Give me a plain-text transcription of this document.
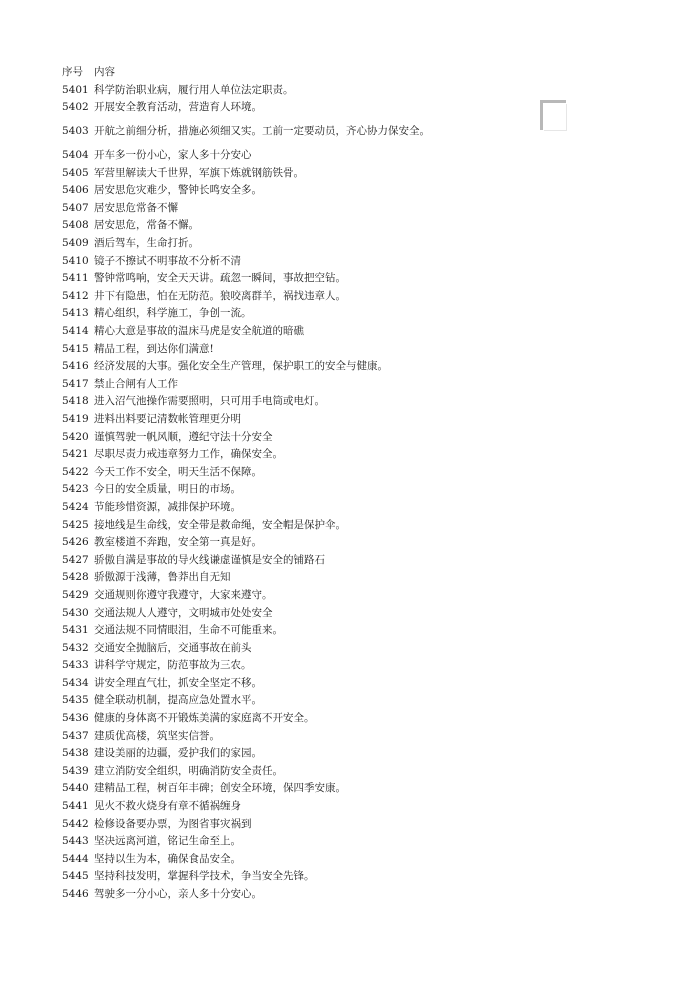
序号	内容
5401 科学防治职业病，履行用人单位法定职责。
5402 开展安全教育活动，营造育人环境。
5403 开航之前细分析，措施必须细又实。工前一定要动员，齐心协力保安全。
5404 开车多一份小心，家人多十分安心
5405 军营里解读大千世界，军旗下炼就钢筋铁骨。
5406 居安思危灾难少，警钟长鸣安全多。
5407 居安思危常备不懈
5408 居安思危，常备不懈。
5409 酒后驾车，生命打折。
5410 镜子不擦试不明事故不分析不清
5411 警钟常鸣响，安全天天讲。疏忽一瞬间，事故把空钻。
5412 井下有隐患，怕在无防范。狼咬离群羊，祸找违章人。
5413 精心组织，科学施工，争创一流。
5414 精心大意是事故的温床马虎是安全航道的暗礁
5415 精品工程，到达你们满意!
5416 经济发展的大事。强化安全生产管理，保护职工的安全与健康。
5417 禁止合闸有人工作
5418 进入沼气池操作需要照明，只可用手电筒或电灯。
5419 进料出料要记清数帐管理更分明
5420 谨慎驾驶一帆风顺，遵纪守法十分安全
5421 尽职尽责力戒违章努力工作，确保安全。
5422 今天工作不安全，明天生活不保障。
5423 今日的安全质量，明日的市场。
5424 节能珍惜资源，减排保护环境。
5425 接地线是生命线，安全带是救命绳，安全帽是保护伞。
5426 教室楼道不奔跑，安全第一真是好。
5427 骄傲自满是事故的导火线谦虚谨慎是安全的铺路石
5428 骄傲源于浅薄，鲁莽出自无知
5429 交通规则你遵守我遵守，大家来遵守。
5430 交通法规人人遵守，文明城市处处安全
5431 交通法规不同情眼泪，生命不可能重来。
5432 交通安全抛脑后，交通事故在前头
5433 讲科学守规定，防范事故为三农。
5434 讲安全理直气壮，抓安全坚定不移。
5435 健全联动机制，提高应急处置水平。
5436 健康的身体离不开锻炼美满的家庭离不开安全。
5437 建质优高楼，筑坚实信誉。
5438 建设美丽的边疆，爱护我们的家园。
5439 建立消防安全组织，明确消防安全责任。
5440 建精品工程，树百年丰碑；创安全环境，保四季安康。
5441 见火不救火烧身有章不循祸缠身
5442 检修设备要办票，为图省事灾祸到
5443 坚决远离河道，铭记生命至上。
5444 坚持以生为本，确保食品安全。
5445 坚持科技发明，掌握科学技术，争当安全先锋。
5446 驾驶多一分小心，亲人多十分安心。
